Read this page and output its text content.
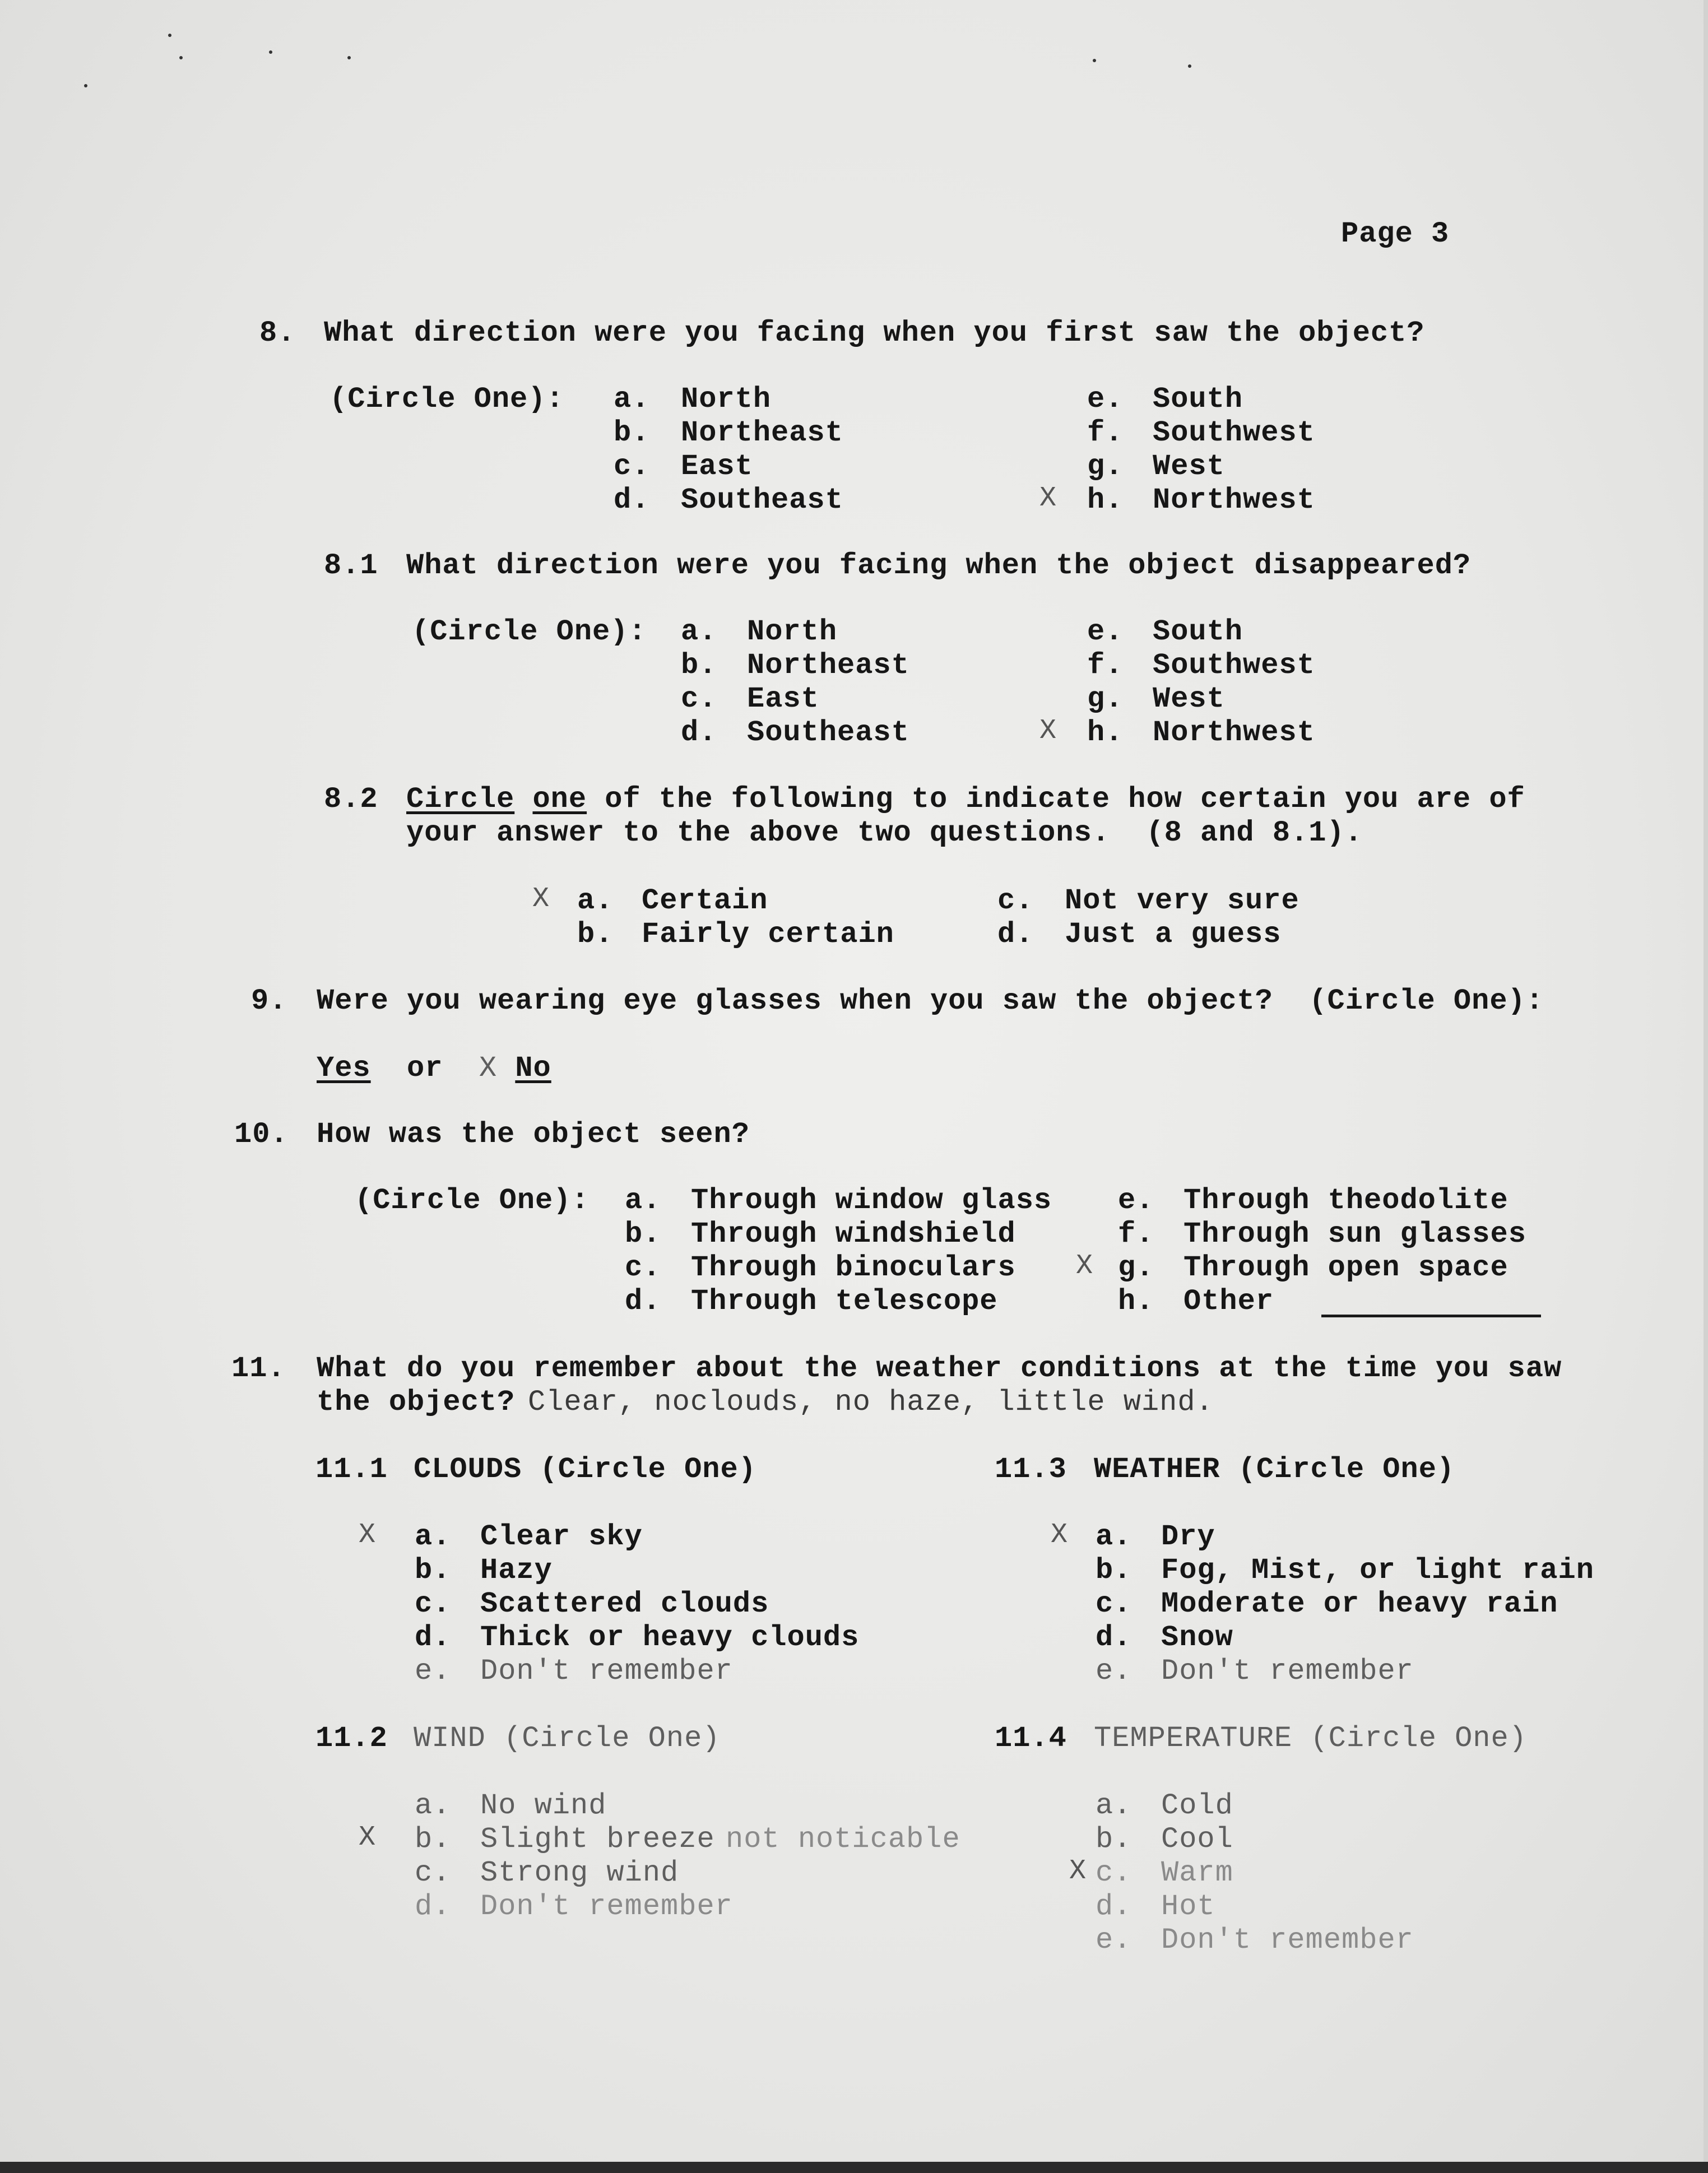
Page 3
8. What direction were you facing when you first saw the object?
(Circle One): a. North
b. Northeast
c. East
d. Southeast
e. South
f. Southwest
g. West
X h. Northwest
8.1 What direction were you facing when the object disappeared?
(Circle One): a. North
b. Northeast
c. East
d. Southeast
e. South
f. Southwest
g. West
X h. Northwest
8.2 Circle one of the following to indicate how certain you are of
your answer to the above two questions.  (8 and 8.1).
X a. Certain
b. Fairly certain
c. Not very sure
d. Just a guess
9. Were you wearing eye glasses when you saw the object?  (Circle One):
Yes or X No
10. How was the object seen?
(Circle One): a. Through window glass
b. Through windshield
c. Through binoculars
d. Through telescope
e. Through theodolite
f. Through sun glasses
X g. Through open space
h. Other
11. What do you remember about the weather conditions at the time you saw
the object? Clear, noclouds, no haze, little wind.
11.1 CLOUDS (Circle One)
X a. Clear sky
b. Hazy
c. Scattered clouds
d. Thick or heavy clouds
e. Don't remember
11.3 WEATHER (Circle One)
X a. Dry
b. Fog, Mist, or light rain
c. Moderate or heavy rain
d. Snow
e. Don't remember
11.2 WIND (Circle One)
a. No wind
X b. Slight breeze not noticable
c. Strong wind
d. Don't remember
11.4 TEMPERATURE (Circle One)
a. Cold
b. Cool
X c. Warm
d. Hot
e. Don't remember
